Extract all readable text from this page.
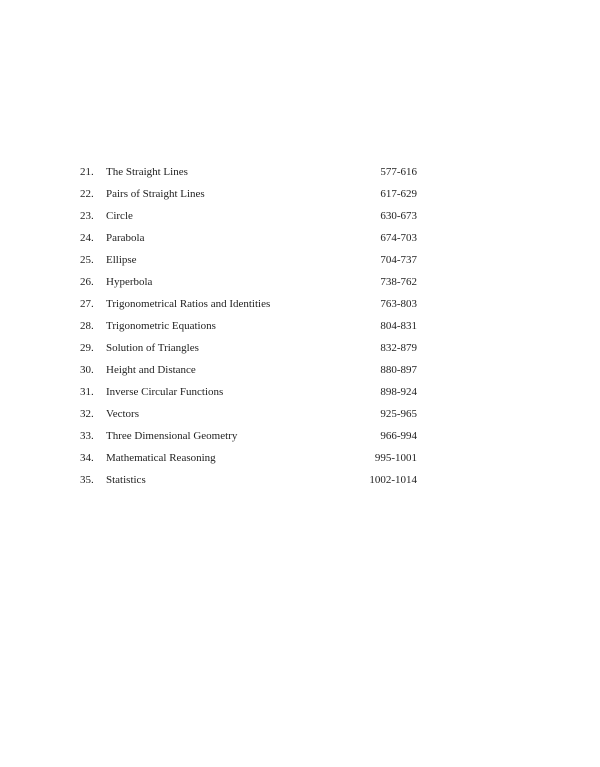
21.	The Straight Lines	577-616
22.	Pairs of Straight Lines	617-629
23.	Circle	630-673
24.	Parabola	674-703
25.	Ellipse	704-737
26.	Hyperbola	738-762
27.	Trigonometrical Ratios and Identities	763-803
28.	Trigonometric Equations	804-831
29.	Solution of Triangles	832-879
30.	Height and Distance	880-897
31.	Inverse Circular Functions	898-924
32.	Vectors	925-965
33.	Three Dimensional Geometry	966-994
34.	Mathematical Reasoning	995-1001
35.	Statistics	1002-1014
